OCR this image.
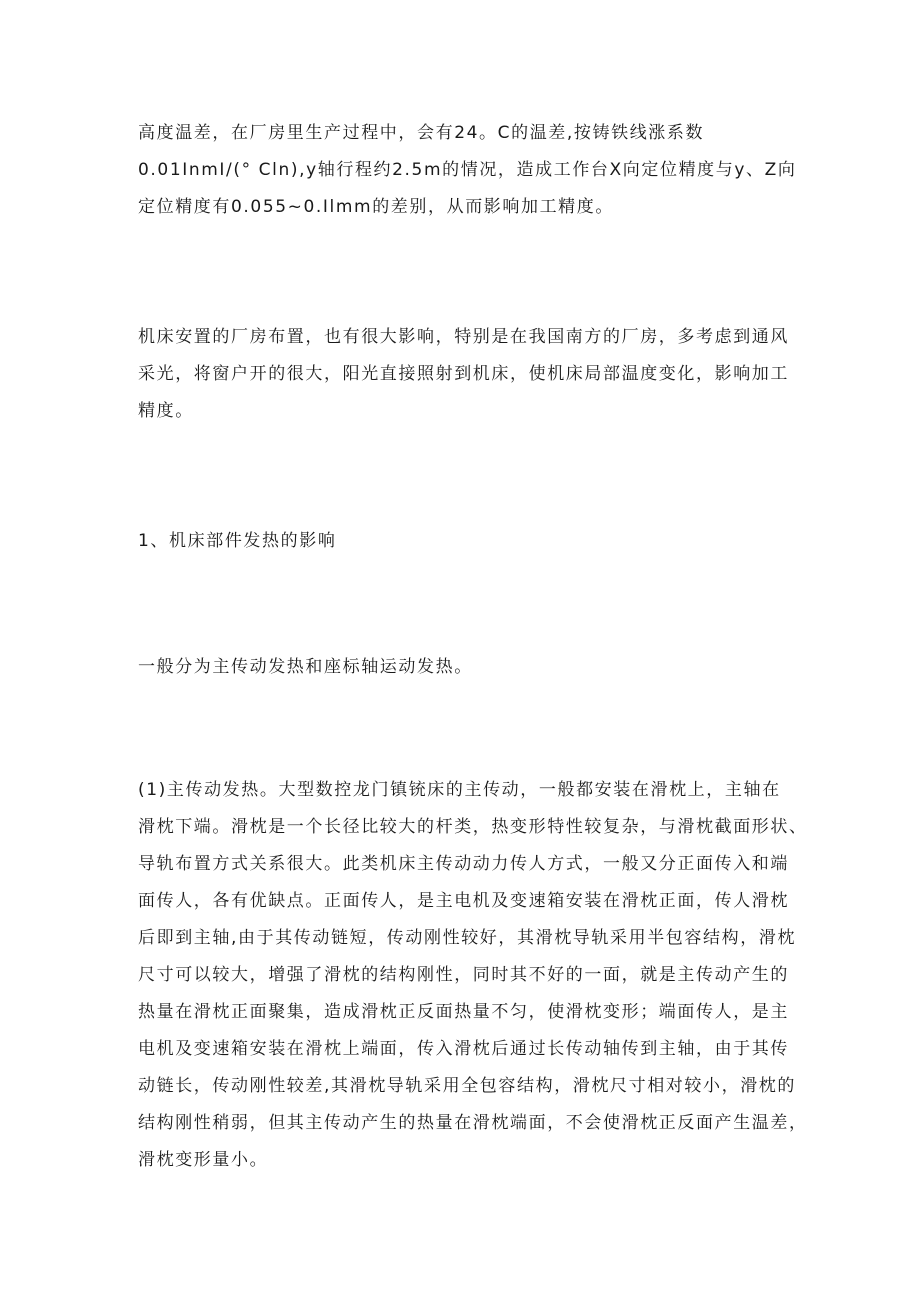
高度温差，在厂房里生产过程中，会有24。C的温差,按铸铁线涨系数
0.01InmI/(° Cln),y轴行程约2.5m的情况，造成工作台X向定位精度与y、Z向
定位精度有0.055~0.Ilmm的差别，从而影响加工精度。
机床安置的厂房布置，也有很大影响，特别是在我国南方的厂房，多考虑到通风
采光，将窗户开的很大，阳光直接照射到机床，使机床局部温度变化，影响加工
精度。
1、机床部件发热的影响
一般分为主传动发热和座标轴运动发热。
(1)主传动发热。大型数控龙门镇铳床的主传动，一般都安装在滑枕上，主轴在
滑枕下端。滑枕是一个长径比较大的杆类，热变形特性较复杂，与滑枕截面形状、
导轨布置方式关系很大。此类机床主传动动力传人方式，一般又分正面传入和端
面传人，各有优缺点。正面传人，是主电机及变速箱安装在滑枕正面，传人滑枕
后即到主轴,由于其传动链短，传动刚性较好，其滑枕导轨采用半包容结构，滑枕
尺寸可以较大，增强了滑枕的结构刚性，同时其不好的一面，就是主传动产生的
热量在滑枕正面聚集，造成滑枕正反面热量不匀，使滑枕变形；端面传人，是主
电机及变速箱安装在滑枕上端面，传入滑枕后通过长传动轴传到主轴，由于其传
动链长，传动刚性较差,其滑枕导轨采用全包容结构，滑枕尺寸相对较小，滑枕的
结构刚性稍弱，但其主传动产生的热量在滑枕端面，不会使滑枕正反面产生温差，
滑枕变形量小。
